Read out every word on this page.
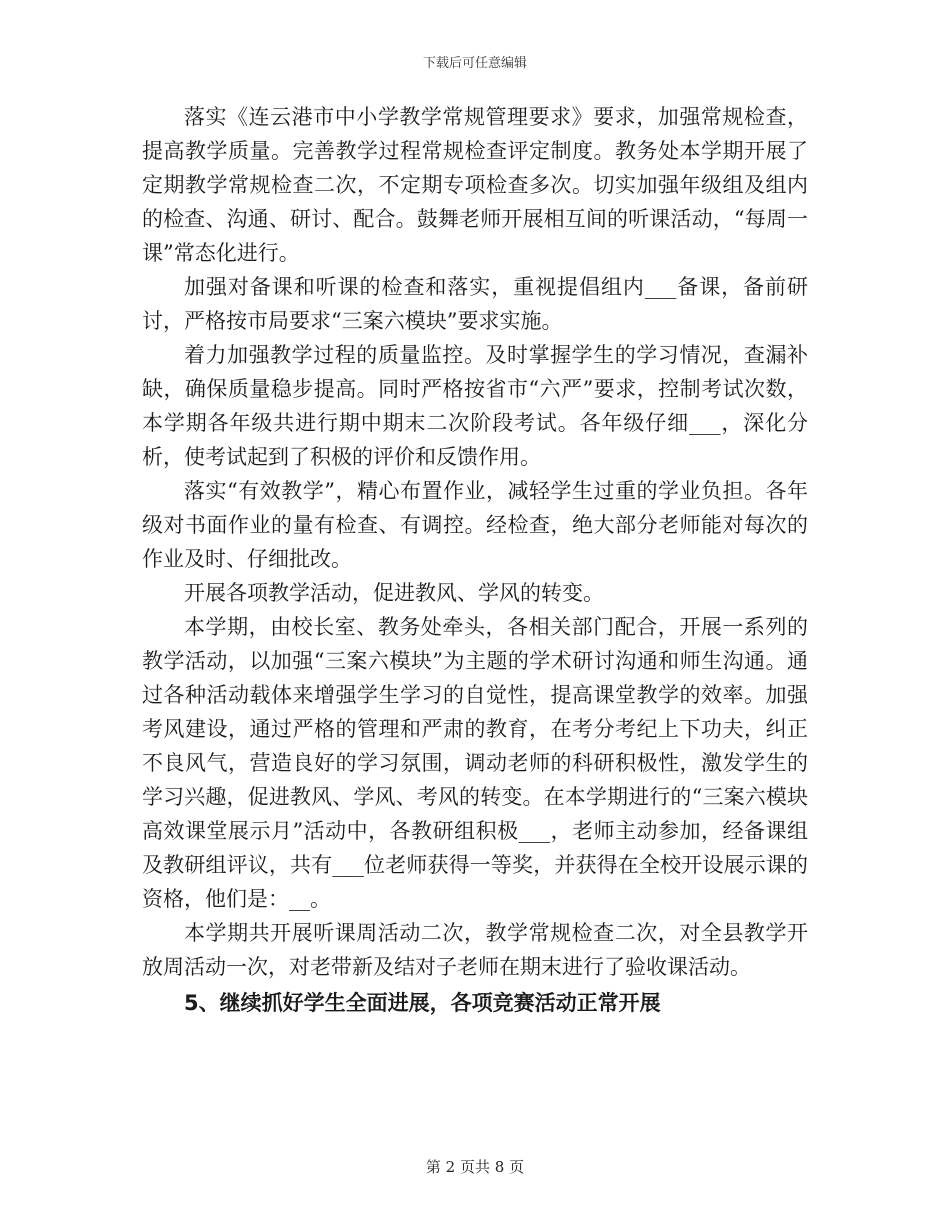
下载后可任意编辑

落实《连云港市中小学教学常规管理要求》要求，加强常规检查，提高教学质量。完善教学过程常规检查评定制度。教务处本学期开展了定期教学常规检查二次，不定期专项检查多次。切实加强年级组及组内的检查、沟通、研讨、配合。鼓舞老师开展相互间的听课活动，“每周一课”常态化进行。

加强对备课和听课的检查和落实，重视提倡组内___备课，备前研讨，严格按市局要求“三案六模块”要求实施。

着力加强教学过程的质量监控。及时掌握学生的学习情况，查漏补缺，确保质量稳步提高。同时严格按省市“六严”要求，控制考试次数，本学期各年级共进行期中期末二次阶段考试。各年级仔细___，深化分析，使考试起到了积极的评价和反馈作用。

落实“有效教学”，精心布置作业，减轻学生过重的学业负担。各年级对书面作业的量有检查、有调控。经检查，绝大部分老师能对每次的作业及时、仔细批改。

开展各项教学活动，促进教风、学风的转变。

本学期，由校长室、教务处牵头，各相关部门配合，开展一系列的教学活动，以加强“三案六模块”为主题的学术研讨沟通和师生沟通。通过各种活动载体来增强学生学习的自觉性，提高课堂教学的效率。加强考风建设，通过严格的管理和严肃的教育，在考分考纪上下功夫，纠正不良风气，营造良好的学习氛围，调动老师的科研积极性，激发学生的学习兴趣，促进教风、学风、考风的转变。在本学期进行的“三案六模块高效课堂展示月”活动中，各教研组积极___，老师主动参加，经备课组及教研组评议，共有___位老师获得一等奖，并获得在全校开设展示课的资格，他们是：__。

本学期共开展听课周活动二次，教学常规检查二次，对全县教学开放周活动一次，对老带新及结对子老师在期末进行了验收课活动。

5、继续抓好学生全面进展，各项竞赛活动正常开展

第 2 页共 8 页
